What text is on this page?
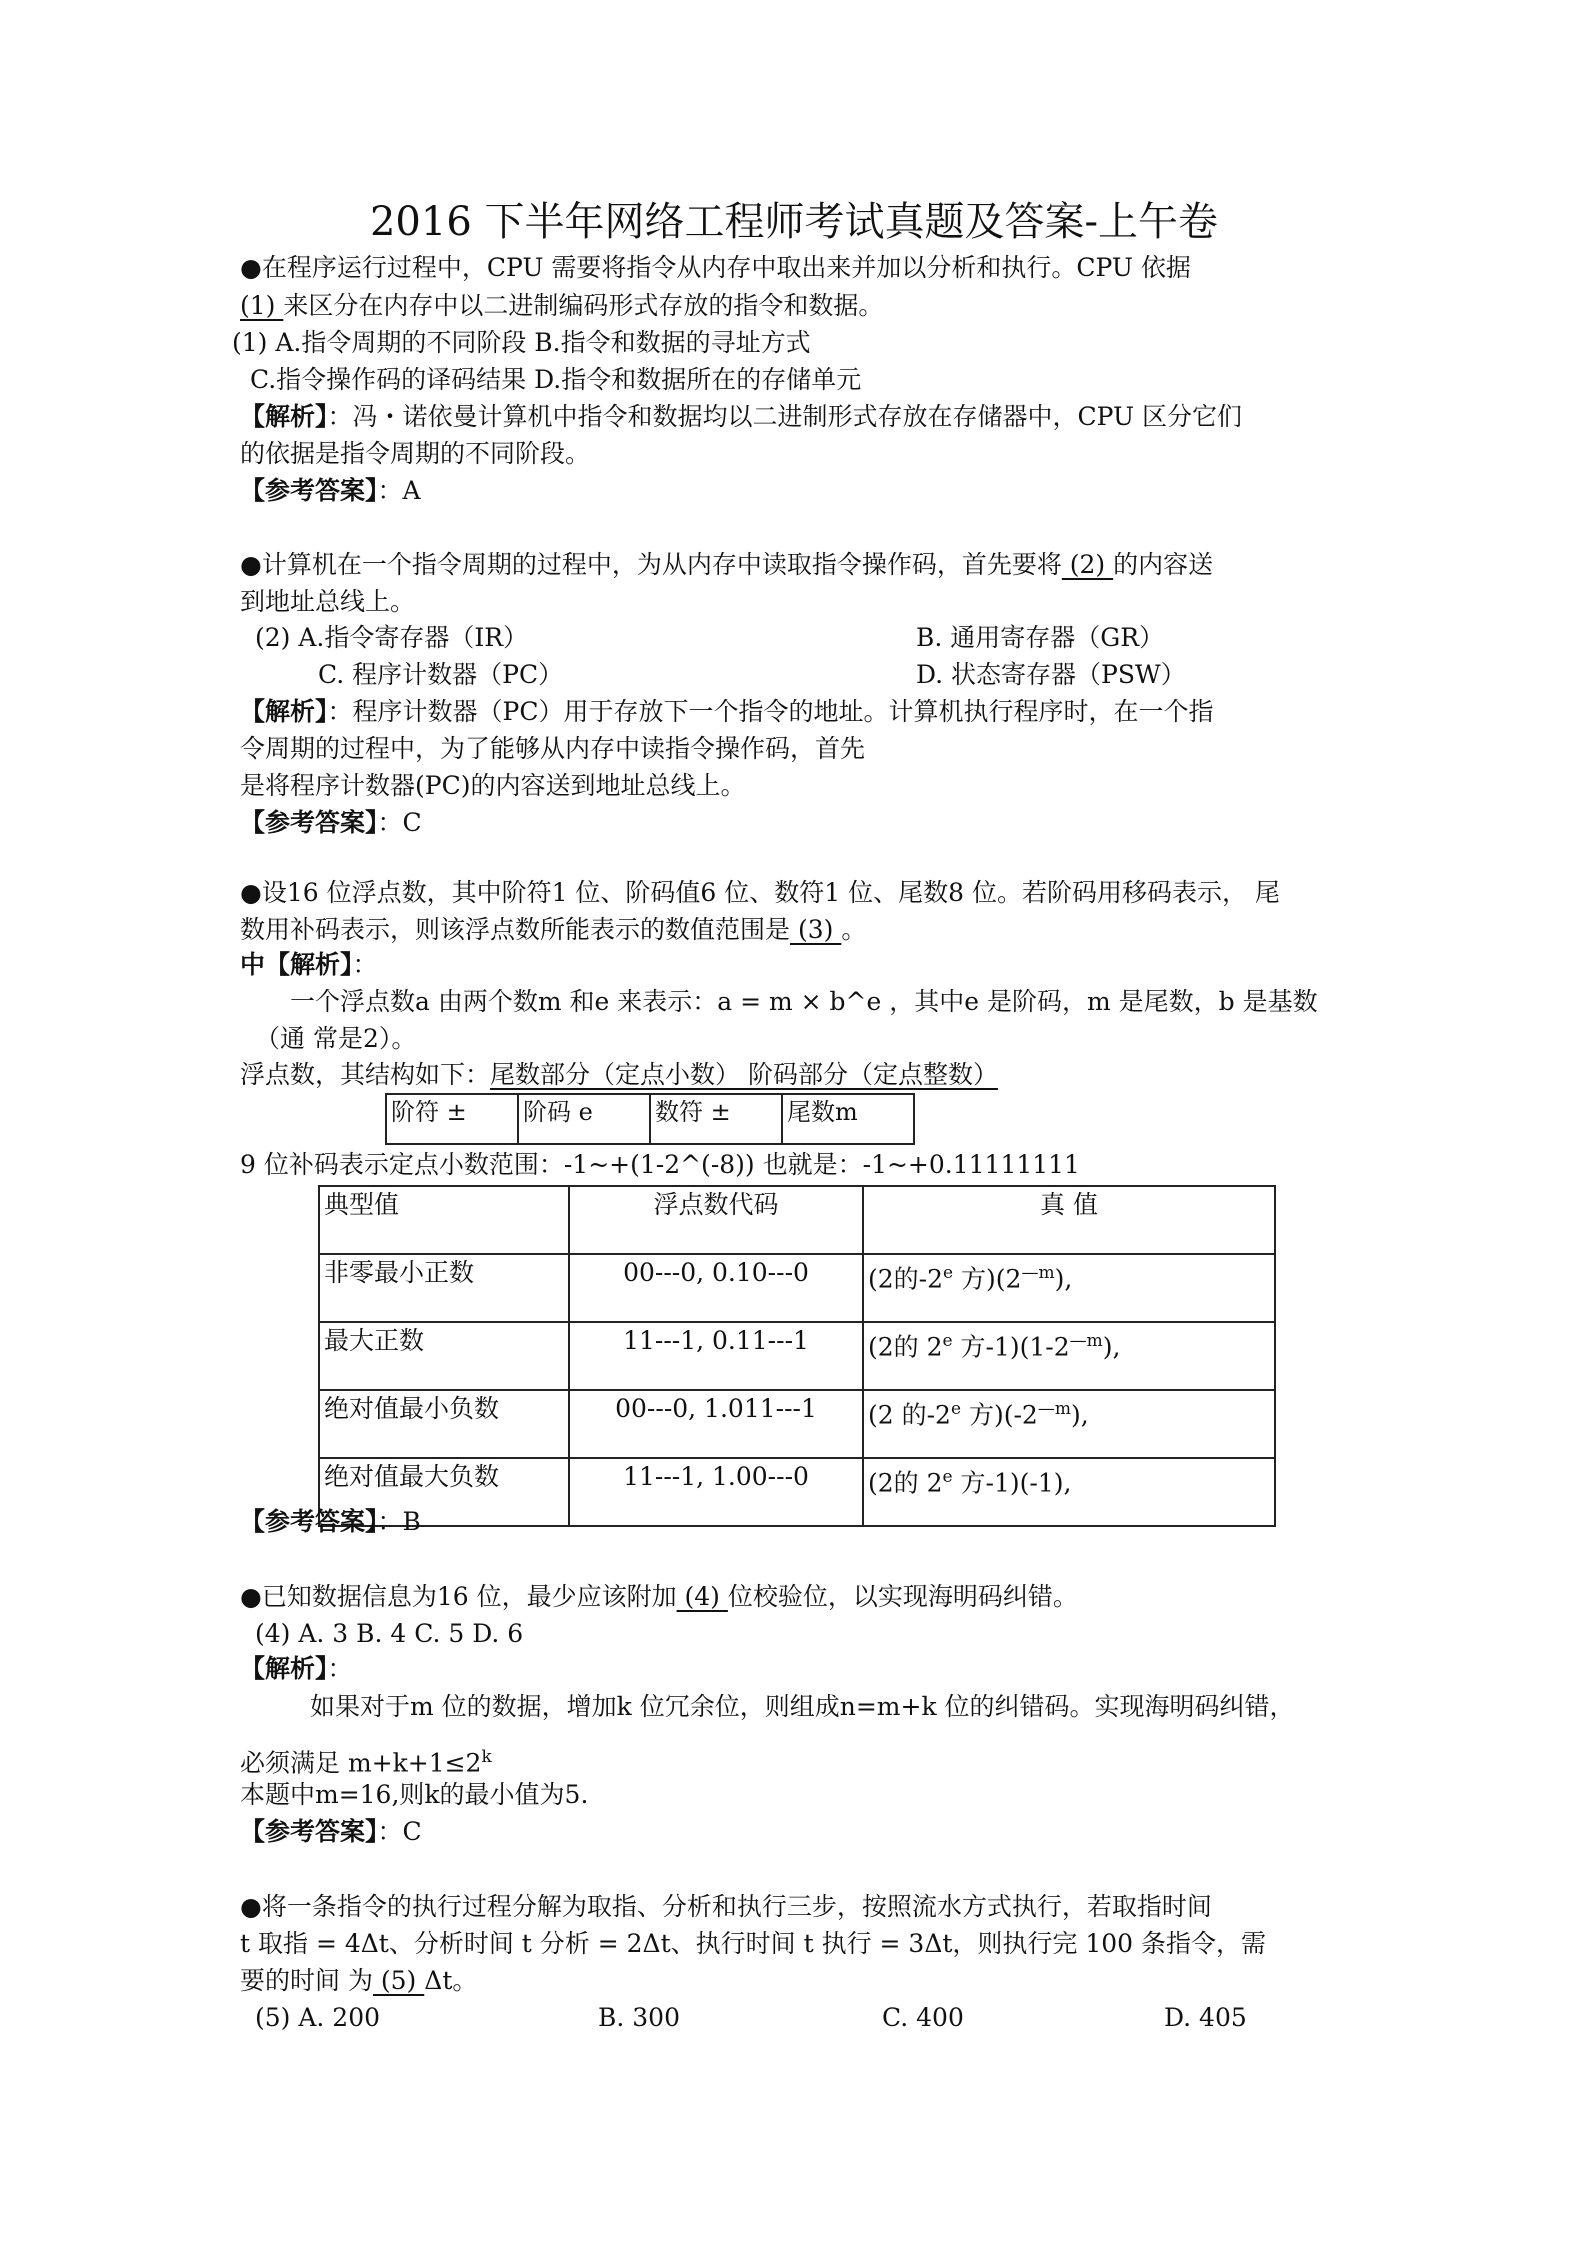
2016 下半年网络工程师考试真题及答案-上午卷
●在程序运行过程中，CPU 需要将指令从内存中取出来并加以分析和执行。CPU 依据
(1) 来区分在内存中以二进制编码形式存放的指令和数据。
(1) A.指令周期的不同阶段 B.指令和数据的寻址方式
C.指令操作码的译码结果 D.指令和数据所在的存储单元
【解析】：冯・诺依曼计算机中指令和数据均以二进制形式存放在存储器中，CPU 区分它们
的依据是指令周期的不同阶段。
【参考答案】：A
●计算机在一个指令周期的过程中，为从内存中读取指令操作码，首先要将 (2) 的内容送
到地址总线上。
(2) A.指令寄存器（IR）	B. 通用寄存器（GR）
C. 程序计数器（PC）	D. 状态寄存器（PSW）
【解析】：程序计数器（PC）用于存放下一个指令的地址。计算机执行程序时，在一个指
令周期的过程中，为了能够从内存中读指令操作码，首先
是将程序计数器(PC)的内容送到地址总线上。
【参考答案】：C
●设16 位浮点数，其中阶符1 位、阶码值6 位、数符1 位、尾数8 位。若阶码用移码表示， 尾
数用补码表示，则该浮点数所能表示的数值范围是 (3) 。
中【解析】：
一个浮点数a 由两个数m 和e 来表示：a = m × b^e ，其中e 是阶码，m 是尾数，b 是基数
（通 常是2）。
浮点数，其结构如下：尾数部分（定点小数） 阶码部分（定点整数）
阶符 ±	阶码 e	数符 ±	尾数m
9 位补码表示定点小数范围：-1~+(1-2^(-8)) 也就是：-1~+0.11111111
典型值	浮点数代码	真 值
非零最小正数	00---0, 0.10---0	(2的-2e 方)$(2^{—m})$,
最大正数	11---1, 0.11---1	(2的 2e 方$-1)(1-2^{—m})$,
绝对值最小负数	00---0, 1.011---1	(2 的-2e 方)$(-2^{—m})$,
绝对值最大负数	11---1, 1.00---0	(2的 2e 方-1)(-1),
【参考答案】：B
●已知数据信息为16 位，最少应该附加 (4) 位校验位，以实现海明码纠错。
(4) A. 3 B. 4 C. 5 D. 6
【解析】：
如果对于m 位的数据，增加k 位冗余位，则组成n=m+k 位的纠错码。实现海明码纠错，
必须满足 $m+k+1\le 2^k$
本题中m=16,则k的最小值为5.
【参考答案】：C
●将一条指令的执行过程分解为取指、分析和执行三步，按照流水方式执行，若取指时间
t 取指 = 4Δt、分析时间 t 分析 = 2Δt、执行时间 t 执行 = 3Δt，则执行完 100 条指令，需
要的时间 为 (5) Δt。
(5) A. 200	B. 300	C. 400	D. 405
